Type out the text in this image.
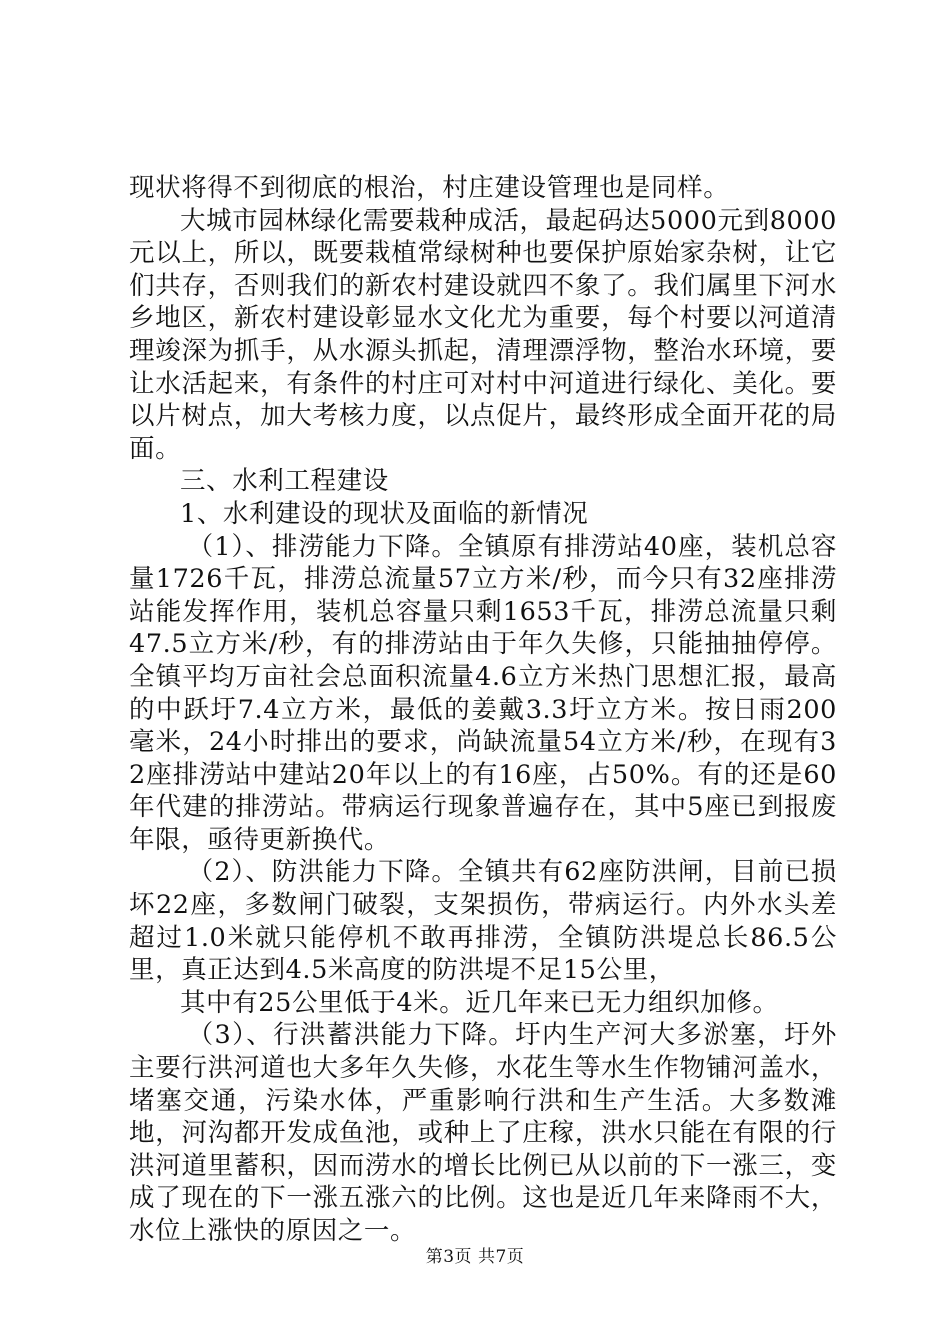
现状将得不到彻底的根治，村庄建设管理也是同样。

大城市园林绿化需要栽种成活，最起码达5000元到8000元以上，所以，既要栽植常绿树种也要保护原始家杂树，让它们共存，否则我们的新农村建设就四不象了。我们属里下河水乡地区，新农村建设彰显水文化尤为重要，每个村要以河道清理竣深为抓手，从水源头抓起，清理漂浮物，整治水环境，要让水活起来，有条件的村庄可对村中河道进行绿化、美化。要以片树点，加大考核力度，以点促片，最终形成全面开花的局面。

三、水利工程建设

1、水利建设的现状及面临的新情况

（1）、排涝能力下降。全镇原有排涝站40座，装机总容量1726千瓦，排涝总流量57立方米/秒，而今只有32座排涝站能发挥作用，装机总容量只剩1653千瓦，排涝总流量只剩47.5立方米/秒，有的排涝站由于年久失修，只能抽抽停停。全镇平均万亩社会总面积流量4.6立方米热门思想汇报，最高的中跃圩7.4立方米，最低的姜戴3.3圩立方米。按日雨200毫米，24小时排出的要求，尚缺流量54立方米/秒，在现有32座排涝站中建站20年以上的有16座，占50%。有的还是60年代建的排涝站。带病运行现象普遍存在，其中5座已到报废年限，亟待更新换代。

（2）、防洪能力下降。全镇共有62座防洪闸，目前已损坏22座，多数闸门破裂，支架损伤，带病运行。内外水头差超过1.0米就只能停机不敢再排涝，全镇防洪堤总长86.5公里，真正达到4.5米高度的防洪堤不足15公里，

其中有25公里低于4米。近几年来已无力组织加修。

（3）、行洪蓄洪能力下降。圩内生产河大多淤塞，圩外主要行洪河道也大多年久失修，水花生等水生作物铺河盖水，堵塞交通，污染水体，严重影响行洪和生产生活。大多数滩地，河沟都开发成鱼池，或种上了庄稼，洪水只能在有限的行洪河道里蓄积，因而涝水的增长比例已从以前的下一涨三，变成了现在的下一涨五涨六的比例。这也是近几年来降雨不大，水位上涨快的原因之一。

第3页 共7页
